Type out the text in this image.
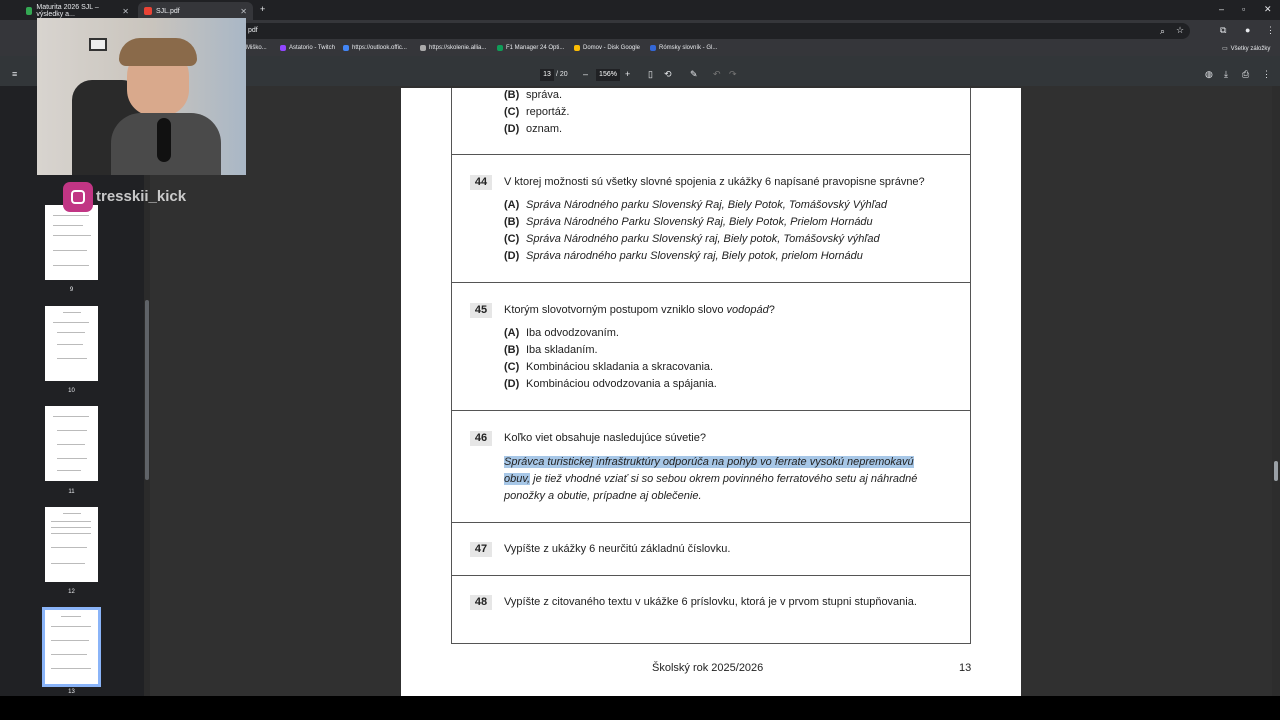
Maturita 2026 SJL – výsledky a...	✕	SJL.pdf	✕ +	– ▫ ✕
pdf	⌕ ☆	⧉ ● ⋮
Miško...	Astatorio - Twitch	https://outlook.offic...	https://skolenie.allia...	F1 Manager 24 Opti...	Domov - Disk Google	Rómsky slovník - Gl...	▭ Všetky záložky
≡	13 / 20 –	156% + ▯ ⟲ ✎ ↶ ↷	◍ ⤓ ⎙ ⋮
9
10
11
12
13
(B) správa.
(C) reportáž.
(D) oznam.
44	V ktorej možnosti sú všetky slovné spojenia z ukážky 6 napísané pravopisne správne?
(A) Správa Národného parku Slovenský Raj, Biely Potok, Tomášovský Výhľad
(B) Správa Národného Parku Slovenský Raj, Biely Potok, Prielom Hornádu
(C) Správa Národného parku Slovenský raj, Biely potok, Tomášovský výhľad
(D) Správa národného parku Slovenský raj, Biely potok, prielom Hornádu
45	Ktorým slovotvorným postupom vzniklo slovo vodopád?
(A) Iba odvodzovaním.
(B) Iba skladaním.
(C) Kombináciou skladania a skracovania.
(D) Kombináciou odvodzovania a spájania.
46	Koľko viet obsahuje nasledujúce súvetie?
Správca turistickej infraštruktúry odporúča na pohyb vo ferrate vysokú nepremokavú
obuv, je tiež vhodné vziať si so sebou okrem povinného ferratového setu aj náhradné
ponožky a obutie, prípadne aj oblečenie.
47	Vypíšte z ukážky 6 neurčitú základnú číslovku.
48	Vypíšte z citovaného textu v ukážke 6 príslovku, ktorá je v prvom stupni stupňovania.
Školský rok 2025/2026	13
tresskii_kick
